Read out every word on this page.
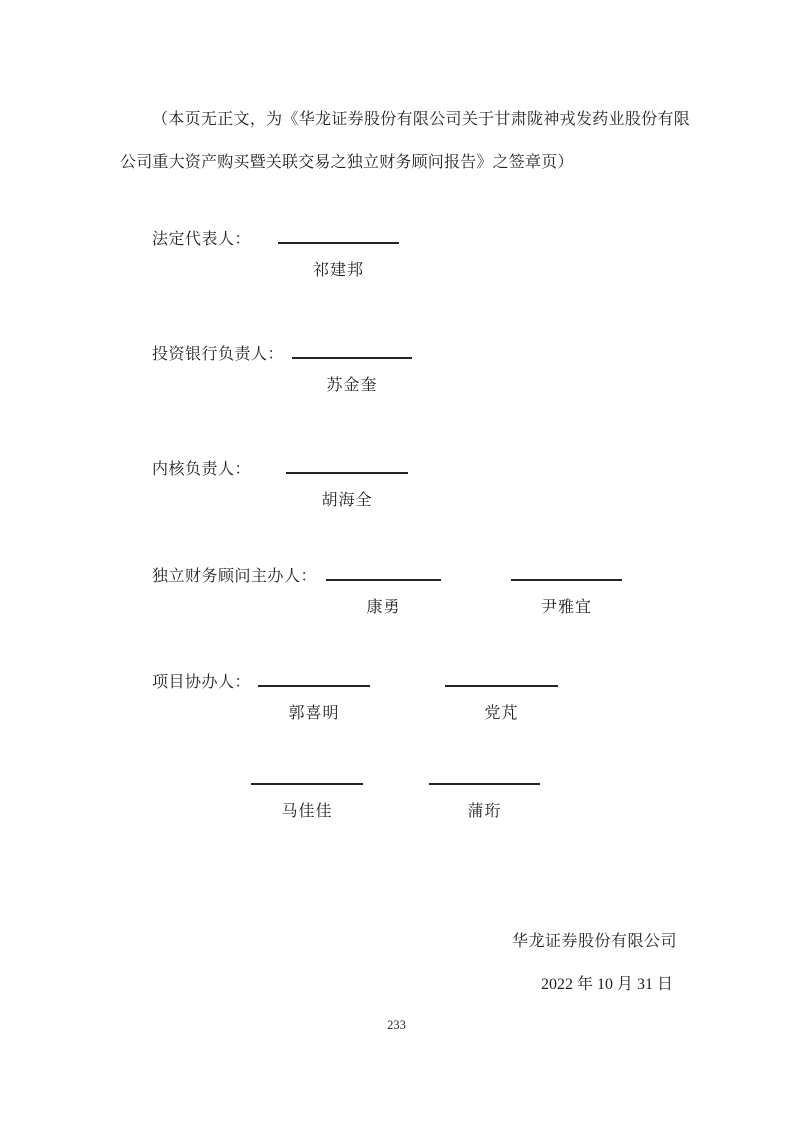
（本页无正文，为《华龙证券股份有限公司关于甘肃陇神戎发药业股份有限公司重大资产购买暨关联交易之独立财务顾问报告》之签章页）

法定代表人：
祁建邦
投资银行负责人：
苏金奎
内核负责人：
胡海全
独立财务顾问主办人：
康勇	尹雅宜
项目协办人：
郭喜明	党芃
马佳佳	蒲珩
华龙证券股份有限公司
2022 年 10 月 31 日
233
